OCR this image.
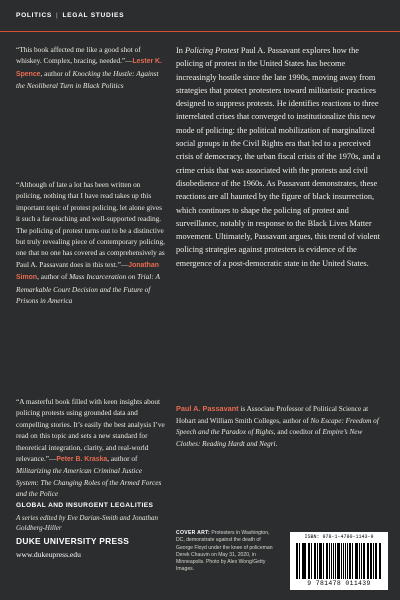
POLITICS | LEGAL STUDIES

“This book affected me like a good shot of whiskey. Complex, bracing, needed.”—Lester K. Spence, author of Knocking the Hustle: Against the Neoliberal Turn in Black Politics

“Although of late a lot has been written on policing, nothing that I have read takes up this important topic of protest policing, let alone gives it such a far-reaching and well-supported reading. The policing of protest turns out to be a distinctive but truly revealing piece of contemporary policing, one that no one has covered as comprehensively as Paul A. Passavant does in this text.”—Jonathan Simon, author of Mass Incarceration on Trial: A Remarkable Court Decision and the Future of Prisons in America

“A masterful book filled with keen insights about policing protests using grounded data and compelling stories. It’s easily the best analysis I’ve read on this topic and sets a new standard for theoretical integration, clarity, and real-world relevance.”—Peter B. Kraska, author of Militarizing the American Criminal Justice System: The Changing Roles of the Armed Forces and the Police

GLOBAL AND INSURGENT LEGALITIES

A series edited by Eve Darian-Smith and Jonathan Goldberg-Hiller

DUKE UNIVERSITY PRESS
www.dukeupress.edu

In Policing Protest Paul A. Passavant explores how the policing of protest in the United States has become increasingly hostile since the late 1990s, moving away from strategies that protect protesters toward militaristic practices designed to suppress protests. He identifies reactions to three interrelated crises that converged to institutionalize this new mode of policing: the political mobilization of marginalized social groups in the Civil Rights era that led to a perceived crisis of democracy, the urban fiscal crisis of the 1970s, and a crime crisis that was associated with the protests and civil disobedience of the 1960s. As Passavant demonstrates, these reactions are all haunted by the figure of black insurrection, which continues to shape the policing of protest and surveillance, notably in response to the Black Lives Matter movement. Ultimately, Passavant argues, this trend of violent policing strategies against protesters is evidence of the emergence of a post-democratic state in the United States.

Paul A. Passavant is Associate Professor of Political Science at Hobart and William Smith Colleges, author of No Escape: Freedom of Speech and the Paradox of Rights, and coeditor of Empire’s New Clothes: Reading Hardt and Negri.
COVER ART: Protesters in Washington, DC, demonstrate against the death of George Floyd under the knee of policeman Derek Chauvin on May 31, 2020, in Minneapolis. Photo by Alex Wong/Getty Images.
ISBN: 978-1-4780-1143-9
9 781478 011439
